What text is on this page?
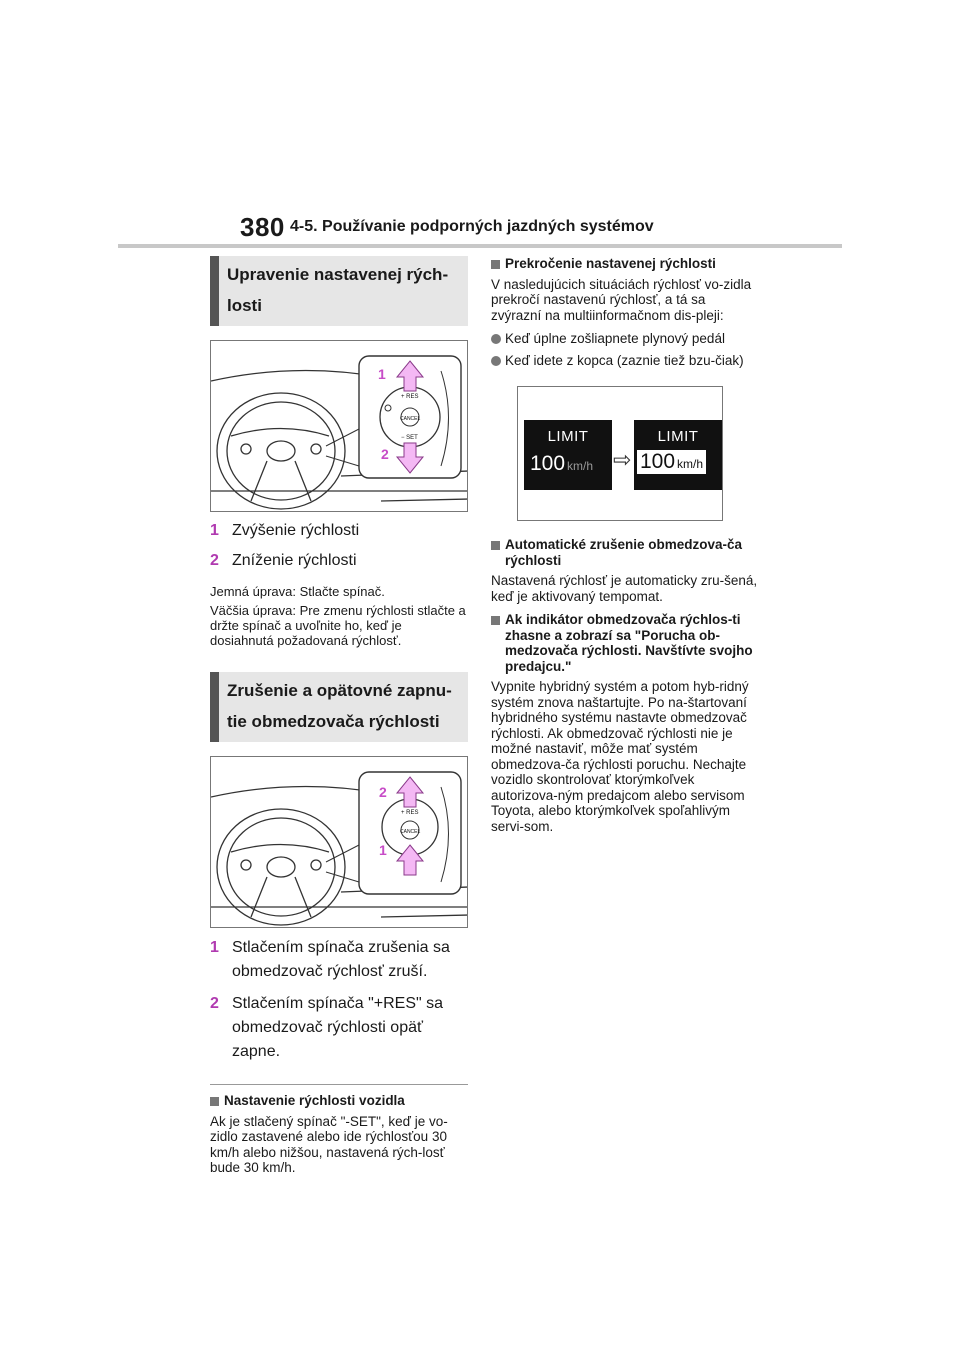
380 4-5. Používanie podporných jazdných systémov
Upravenie nastavenej rých-losti
+ RES
CANCEL
− SET
1
2
1 Zvýšenie rýchlosti
2 Zníženie rýchlosti

Jemná úprava: Stlačte spínač.

Väčšia úprava: Pre zmenu rýchlosti stlačte a držte spínač a uvoľnite ho, keď je dosiahnutá požadovaná rýchlosť.

Zrušenie a opätovné zapnu-tie obmedzovača rýchlosti
+ RES
CANCEL
2
1
1 Stlačením spínača zrušenia sa obmedzovač rýchlosť zruší.
2 Stlačením spínača "+RES" sa obmedzovač rýchlosti opäť zapne.
Nastavenie rýchlosti vozidla

Ak je stlačený spínač "-SET", keď je vo-zidlo zastavené alebo ide rýchlosťou 30 km/h alebo nižšou, nastavená rých-losť bude 30 km/h.

Prekročenie nastavenej rýchlosti

V nasledujúcich situáciách rýchlosť vo-zidla prekročí nastavenú rýchlosť, a tá sa zvýrazní na multiinformačnom dis-pleji:

Keď úplne zošliapnete plynový pedál
Keď idete z kopca (zaznie tiež bzu-čiak)
LIMIT
100 km/h ⇨
LIMIT
100 km/h
Automatické zrušenie obmedzova-ča rýchlosti

Nastavená rýchlosť je automaticky zru-šená, keď je aktivovaný tempomat.

Ak indikátor obmedzovača rýchlos-ti zhasne a zobrazí sa "Porucha ob-medzovača rýchlosti. Navštívte svojho predajcu."

Vypnite hybridný systém a potom hyb-ridný systém znova naštartujte. Po na-štartovaní hybridného systému nastavte obmedzovač rýchlosti. Ak obmedzovač rýchlosti nie je možné nastaviť, môže mať systém obmedzova-ča rýchlosti poruchu. Nechajte vozidlo skontrolovať ktorýmkoľvek autorizova-ným predajcom alebo servisom Toyota, alebo ktorýmkoľvek spoľahlivým servi-som.
